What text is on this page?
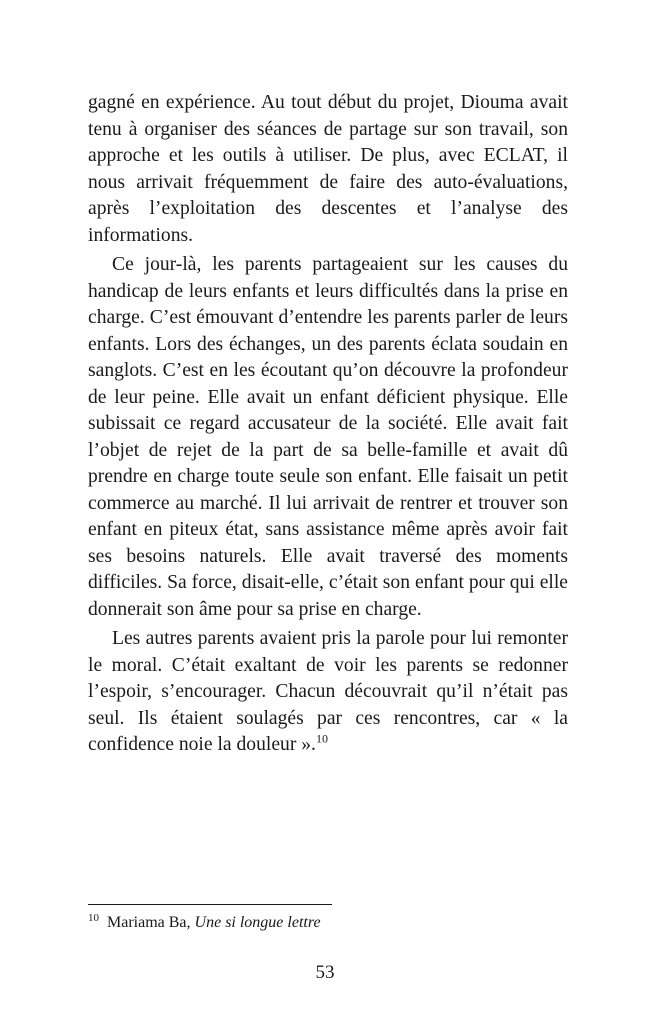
gagné en expérience. Au tout début du projet, Diouma avait tenu à organiser des séances de partage sur son travail, son approche et les outils à utiliser. De plus, avec ECLAT, il nous arrivait fréquemment de faire des auto-évaluations, après l’exploitation des descentes et l’analyse des informations.

Ce jour-là, les parents partageaient sur les causes du handicap de leurs enfants et leurs difficultés dans la prise en charge. C’est émouvant d’entendre les parents parler de leurs enfants. Lors des échanges, un des parents éclata soudain en sanglots. C’est en les écoutant qu’on découvre la profondeur de leur peine. Elle avait un enfant déficient physique. Elle subissait ce regard accusateur de la société. Elle avait fait l’objet de rejet de la part de sa belle-famille et avait dû prendre en charge toute seule son enfant. Elle faisait un petit commerce au marché. Il lui arrivait de rentrer et trouver son enfant en piteux état, sans assistance même après avoir fait ses besoins naturels. Elle avait traversé des moments difficiles. Sa force, disait-elle, c’était son enfant pour qui elle donnerait son âme pour sa prise en charge.

Les autres parents avaient pris la parole pour lui remonter le moral. C’était exaltant de voir les parents se redonner l’espoir, s’encourager. Chacun découvrait qu’il n’était pas seul. Ils étaient soulagés par ces rencontres, car « la confidence noie la douleur ».$^{10}$

$^{10}$ Mariama Ba, Une si longue lettre
53
